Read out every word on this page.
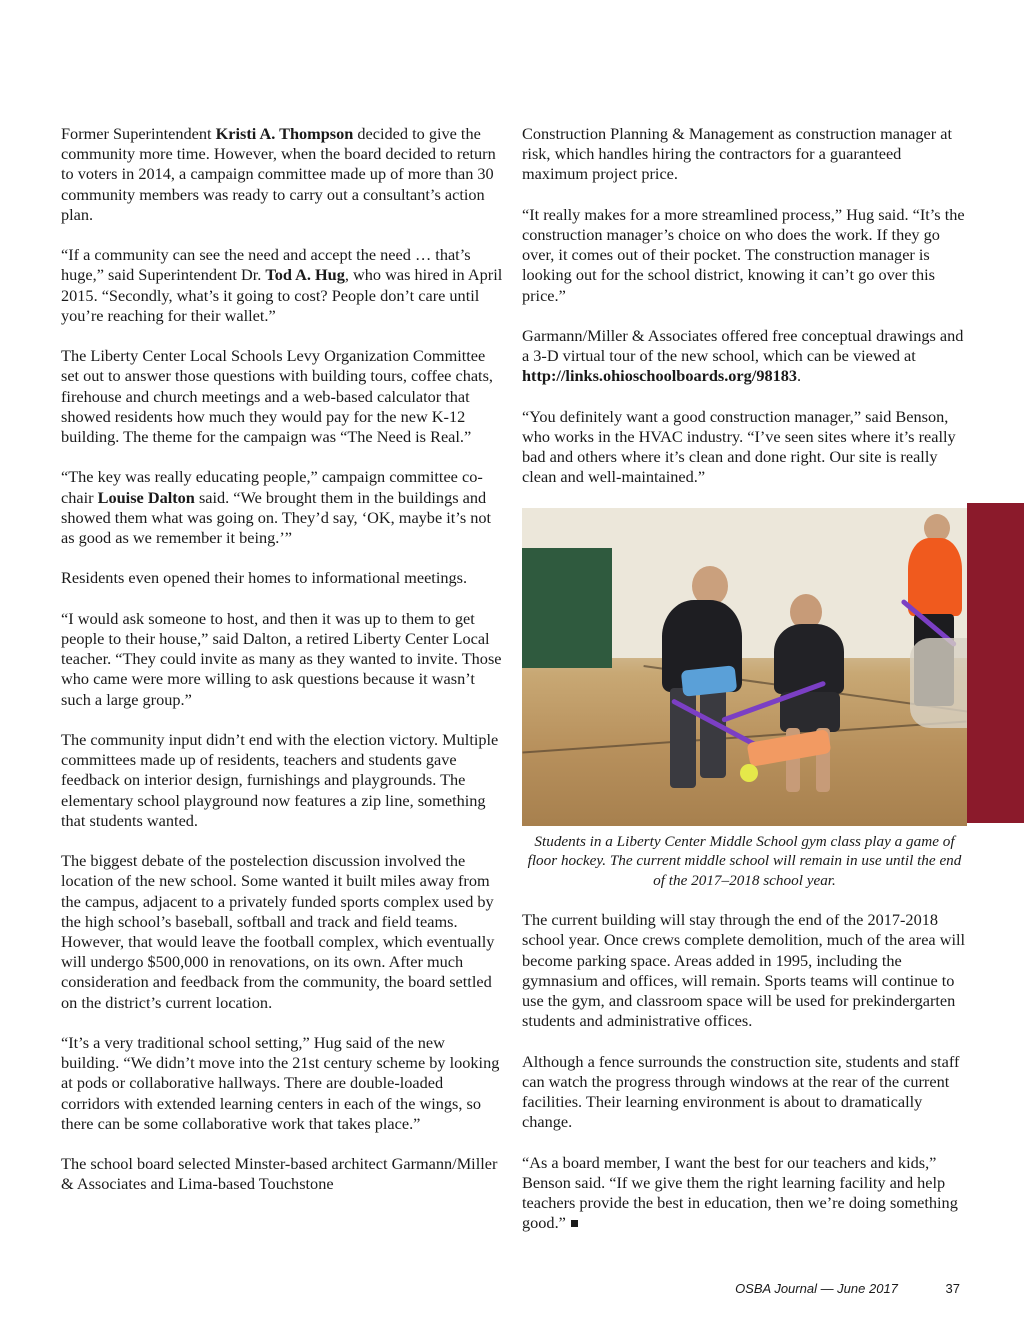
Former Superintendent Kristi A. Thompson decided to give the community more time. However, when the board decided to return to voters in 2014, a campaign committee made up of more than 30 community members was ready to carry out a consultant’s action plan.

“If a community can see the need and accept the need … that’s huge,” said Superintendent Dr. Tod A. Hug, who was hired in April 2015. “Secondly, what’s it going to cost? People don’t care until you’re reaching for their wallet.”

The Liberty Center Local Schools Levy Organization Committee set out to answer those questions with building tours, coffee chats, firehouse and church meetings and a web-based calculator that showed residents how much they would pay for the new K-12 building. The theme for the campaign was “The Need is Real.”

“The key was really educating people,” campaign committee co-chair Louise Dalton said. “We brought them in the buildings and showed them what was going on. They’d say, ‘OK, maybe it’s not as good as we remember it being.’”

Residents even opened their homes to informational meetings.

“I would ask someone to host, and then it was up to them to get people to their house,” said Dalton, a retired Liberty Center Local teacher. “They could invite as many as they wanted to invite. Those who came were more willing to ask questions because it wasn’t such a large group.”

The community input didn’t end with the election victory. Multiple committees made up of residents, teachers and students gave feedback on interior design, furnishings and playgrounds. The elementary school playground now features a zip line, something that students wanted.

The biggest debate of the postelection discussion involved the location of the new school. Some wanted it built miles away from the campus, adjacent to a privately funded sports complex used by the high school’s baseball, softball and track and field teams. However, that would leave the football complex, which eventually will undergo $500,000 in renovations, on its own. After much consideration and feedback from the community, the board settled on the district’s current location.

“It’s a very traditional school setting,” Hug said of the new building. “We didn’t move into the 21st century scheme by looking at pods or collaborative hallways. There are double-loaded corridors with extended learning centers in each of the wings, so there can be some collaborative work that takes place.”

The school board selected Minster-based architect Garmann/Miller & Associates and Lima-based Touchstone

Construction Planning & Management as construction manager at risk, which handles hiring the contractors for a guaranteed maximum project price.

“It really makes for a more streamlined process,” Hug said. “It’s the construction manager’s choice on who does the work. If they go over, it comes out of their pocket. The construction manager is looking out for the school district, knowing it can’t go over this price.”

Garmann/Miller & Associates offered free conceptual drawings and a 3-D virtual tour of the new school, which can be viewed at http://links.ohioschoolboards.org/98183.

“You definitely want a good construction manager,” said Benson, who works in the HVAC industry. “I’ve seen sites where it’s really bad and others where it’s clean and done right. Our site is really clean and well-maintained.”

Students in a Liberty Center Middle School gym class play a game of floor hockey. The current middle school will remain in use until the end of the 2017–2018 school year.

The current building will stay through the end of the 2017-2018 school year. Once crews complete demolition, much of the area will become parking space. Areas added in 1995, including the gymnasium and offices, will remain. Sports teams will continue to use the gym, and classroom space will be used for prekindergarten students and administrative offices.

Although a fence surrounds the construction site, students and staff can watch the progress through windows at the rear of the current facilities. Their learning environment is about to dramatically change.

“As a board member, I want the best for our teachers and kids,” Benson said. “If we give them the right learning facility and help teachers provide the best in education, then we’re doing something good.”

OSBA Journal — June 2017	37
